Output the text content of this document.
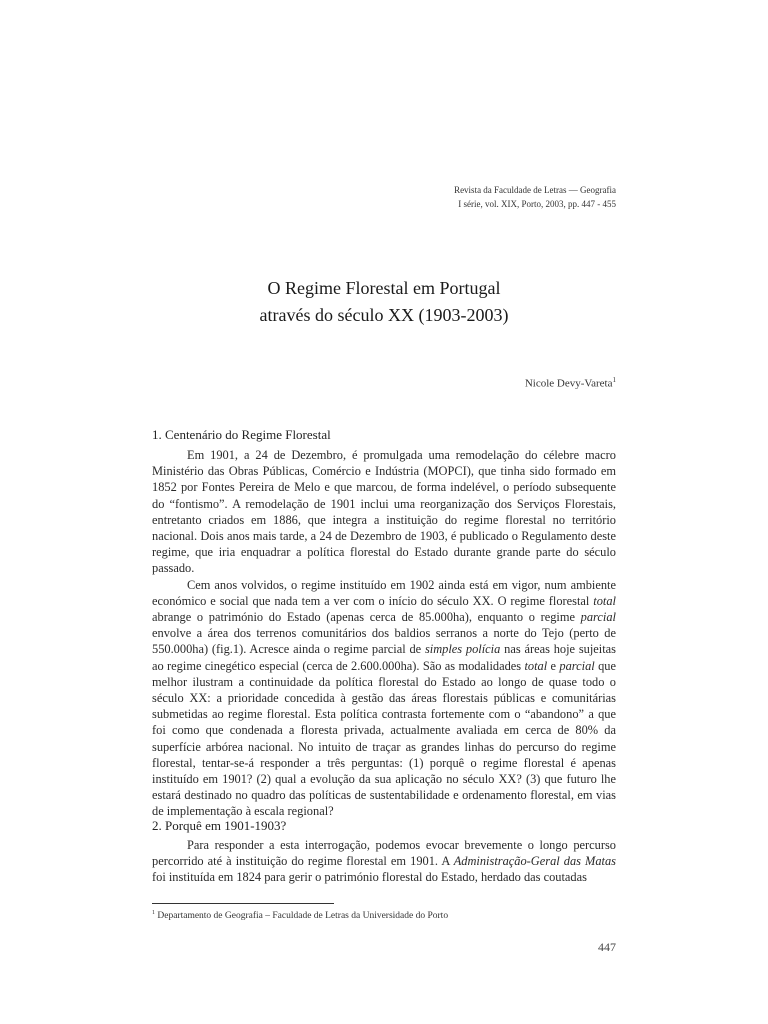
Revista da Faculdade de Letras — Geografia
I série, vol. XIX, Porto, 2003, pp. 447 - 455
O Regime Florestal em Portugal
através do século XX (1903-2003)
Nicole Devy-Vareta$^1$
1. Centenário do Regime Florestal

Em 1901, a 24 de Dezembro, é promulgada uma remodelação do célebre macro Ministério das Obras Públicas, Comércio e Indústria (MOPCI), que tinha sido formado em 1852 por Fontes Pereira de Melo e que marcou, de forma indelével, o período subsequente do “fontismo”. A remodelação de 1901 inclui uma reorganização dos Serviços Florestais, entretanto criados em 1886, que integra a instituição do regime florestal no território nacional. Dois anos mais tarde, a 24 de Dezembro de 1903, é publicado o Regulamento deste regime, que iria enquadrar a política florestal do Estado durante grande parte do século passado.

Cem anos volvidos, o regime instituído em 1902 ainda está em vigor, num ambiente económico e social que nada tem a ver com o início do século XX. O regime florestal total abrange o património do Estado (apenas cerca de 85.000ha), enquanto o regime parcial envolve a área dos terrenos comunitários dos baldios serranos a norte do Tejo (perto de 550.000ha) (fig.1). Acresce ainda o regime parcial de simples polícia nas áreas hoje sujeitas ao regime cinegético especial (cerca de 2.600.000ha). São as modalidades total e parcial que melhor ilustram a continuidade da política florestal do Estado ao longo de quase todo o século XX: a prioridade concedida à gestão das áreas florestais públicas e comunitárias submetidas ao regime florestal. Esta política contrasta fortemente com o “abandono” a que foi como que condenada a floresta privada, actualmente avaliada em cerca de 80% da superfície arbórea nacional. No intuito de traçar as grandes linhas do percurso do regime florestal, tentar-se-á responder a três perguntas: (1) porquê o regime florestal é apenas instituído em 1901? (2) qual a evolução da sua aplicação no século XX? (3) que futuro lhe estará destinado no quadro das políticas de sustentabilidade e ordenamento florestal, em vias de implementação à escala regional?

2. Porquê em 1901-1903?

Para responder a esta interrogação, podemos evocar brevemente o longo percurso percorrido até à instituição do regime florestal em 1901. A Administração-Geral das Matas foi instituída em 1824 para gerir o património florestal do Estado, herdado das coutadas

$^1$ Departamento de Geografia – Faculdade de Letras da Universidade do Porto
447
